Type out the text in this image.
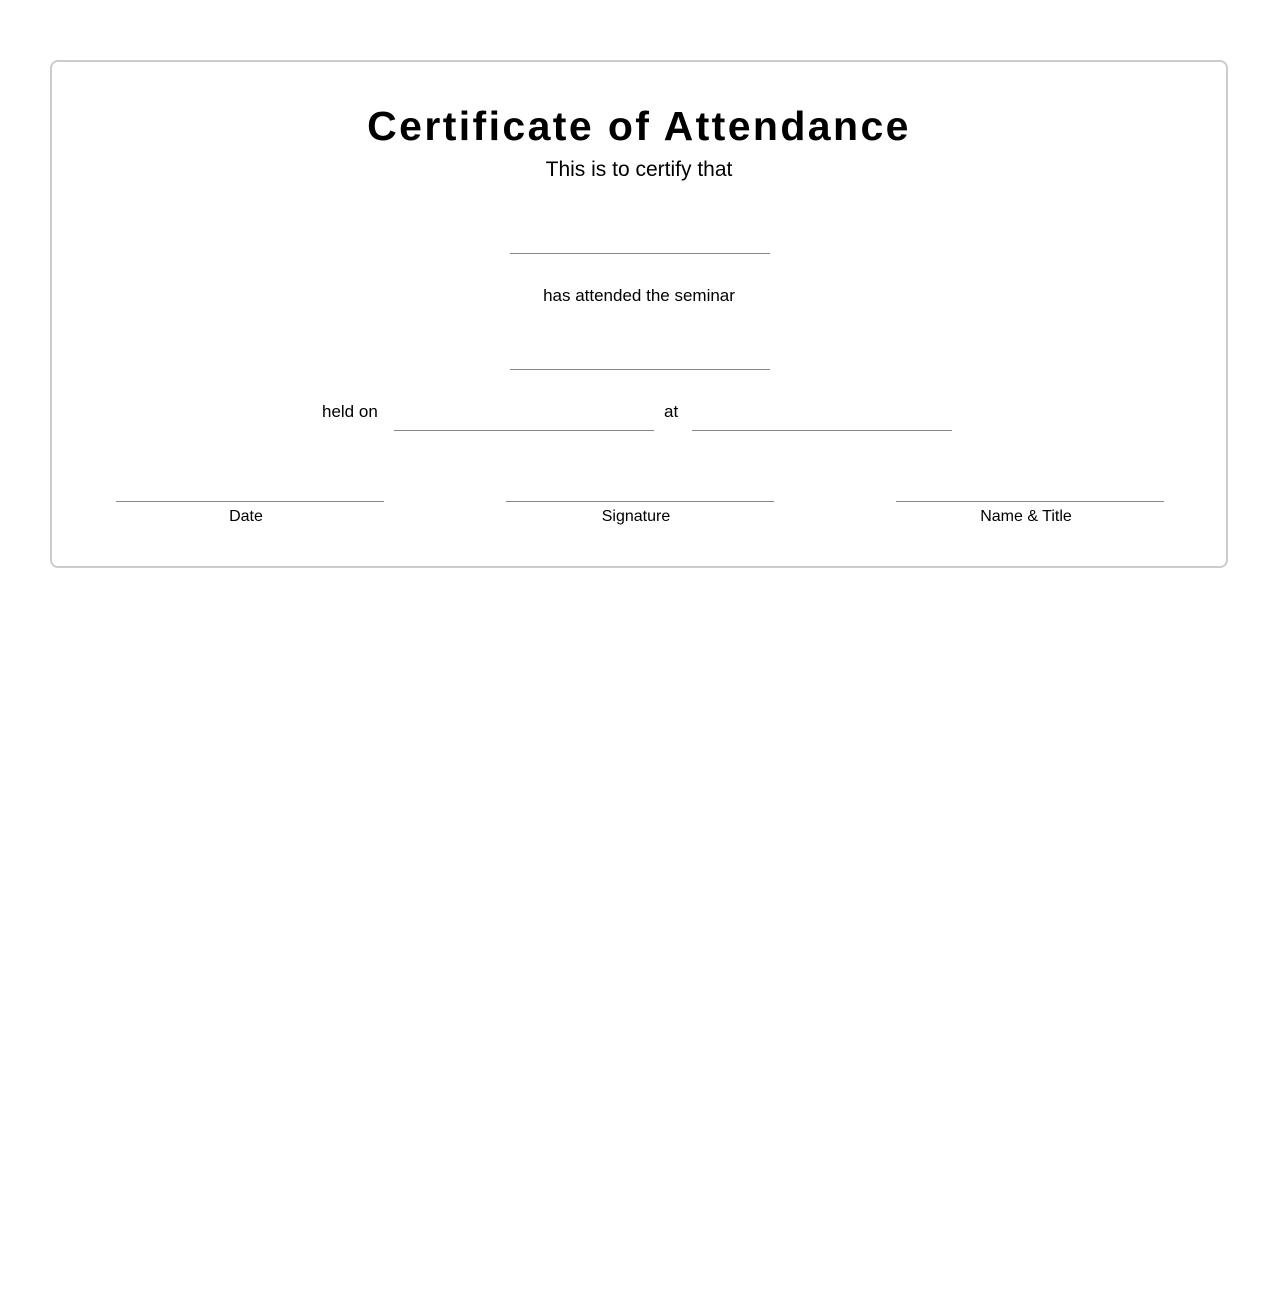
Certificate of Attendance
This is to certify that
has attended the seminar
held on	at
Date	Signature	Name & Title
